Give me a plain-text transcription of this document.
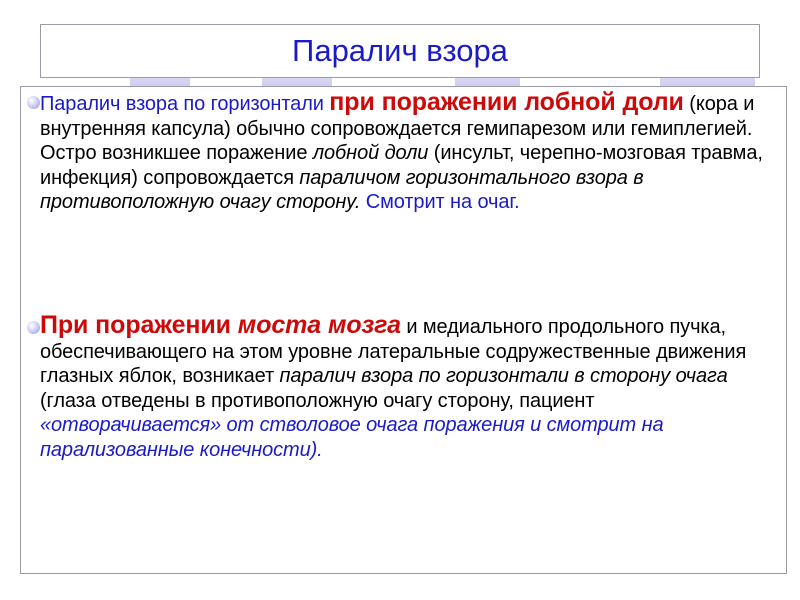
Паралич взора
Паралич взора по горизонтали при поражении лобной доли (кора и внутренняя капсула) обычно сопровождается гемипарезом или гемиплегией. Остро возникшее поражение лобной доли (инсульт, черепно-мозговая травма, инфекция) сопровождается параличом горизонтального взора в противоположную очагу сторону. Смотрит на очаг.
При поражении моста мозга и медиального продольного пучка, обеспечивающего на этом уровне латеральные содружественные движения глазных яблок, возникает паралич взора по горизонтали в сторону очага (глаза отведены в противоположную очагу сторону, пациент «отворачивается» от стволовое очага поражения и смотрит на парализованные конечности).
